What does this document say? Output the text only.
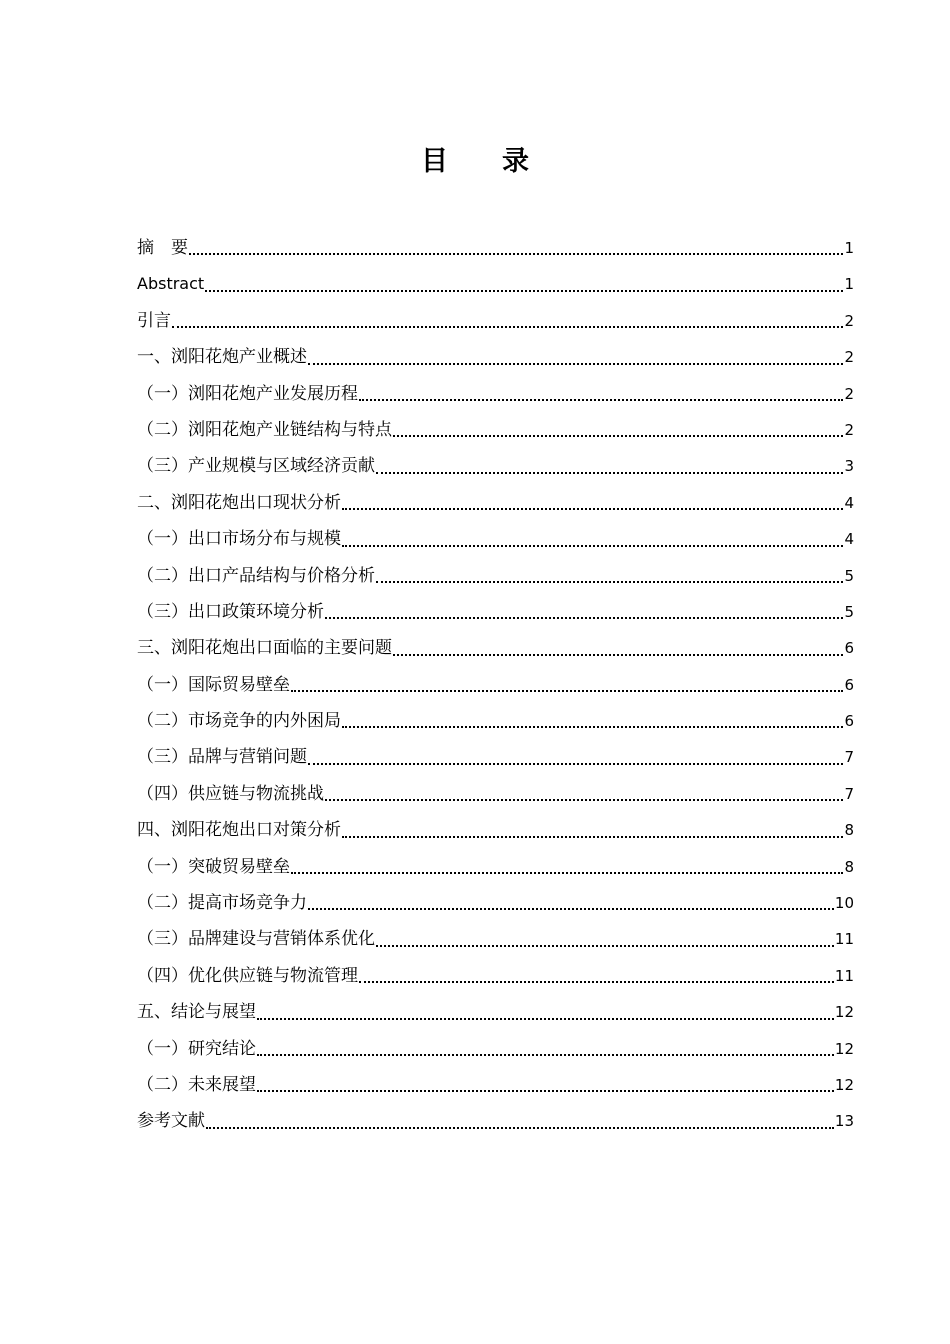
目 录
摘　要	1
Abstract	1
引言	2
一、浏阳花炮产业概述	2
（一）浏阳花炮产业发展历程	2
（二）浏阳花炮产业链结构与特点	2
（三）产业规模与区域经济贡献	3
二、浏阳花炮出口现状分析	4
（一）出口市场分布与规模	4
（二）出口产品结构与价格分析	5
（三）出口政策环境分析	5
三、浏阳花炮出口面临的主要问题	6
（一）国际贸易壁垒	6
（二）市场竞争的内外困局	6
（三）品牌与营销问题	7
（四）供应链与物流挑战	7
四、浏阳花炮出口对策分析	8
（一）突破贸易壁垒	8
（二）提高市场竞争力	10
（三）品牌建设与营销体系优化	11
（四）优化供应链与物流管理	11
五、结论与展望	12
（一）研究结论	12
（二）未来展望	12
参考文献	13
